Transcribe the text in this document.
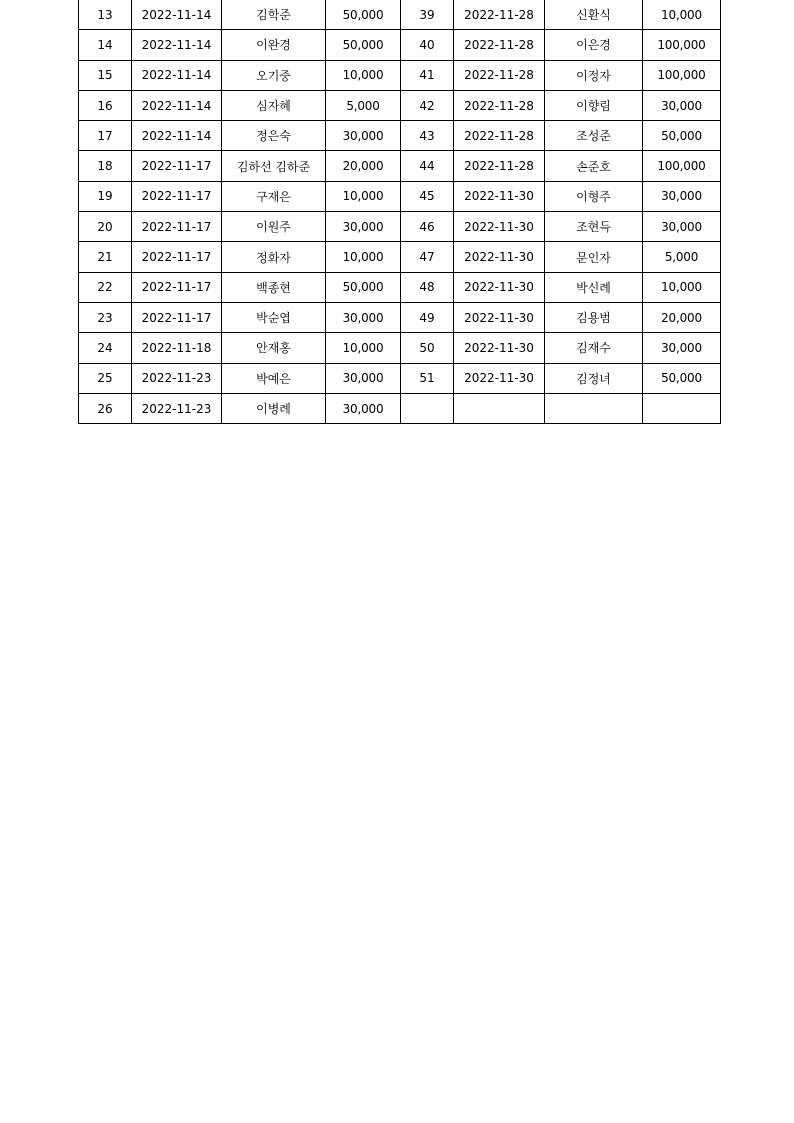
13	2022-11-14	김학준	50,000	39	2022-11-28	신환식	10,000
14	2022-11-14	이완경	50,000	40	2022-11-28	이은경	100,000
15	2022-11-14	오기중	10,000	41	2022-11-28	이정자	100,000
16	2022-11-14	심자혜	5,000	42	2022-11-28	이향림	30,000
17	2022-11-14	정은숙	30,000	43	2022-11-28	조성준	50,000
18	2022-11-17	김하선 김하준	20,000	44	2022-11-28	손준호	100,000
19	2022-11-17	구재은	10,000	45	2022-11-30	이형주	30,000
20	2022-11-17	이원주	30,000	46	2022-11-30	조현득	30,000
21	2022-11-17	정화자	10,000	47	2022-11-30	문인자	5,000
22	2022-11-17	백종현	50,000	48	2022-11-30	박신례	10,000
23	2022-11-17	박순엽	30,000	49	2022-11-30	김용범	20,000
24	2022-11-18	안재홍	10,000	50	2022-11-30	김재수	30,000
25	2022-11-23	박예은	30,000	51	2022-11-30	김정녀	50,000
26	2022-11-23	이병례	30,000				
